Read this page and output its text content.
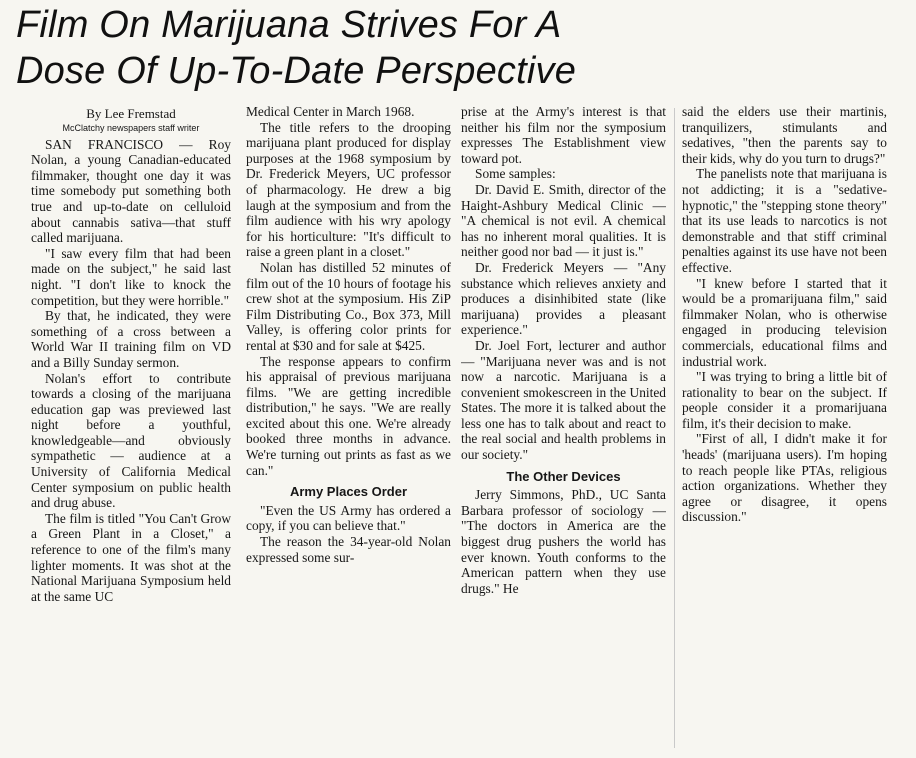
Film On Marijuana Strives For A
Dose Of Up-To-Date Perspective

By Lee Fremstad

McClatchy newspapers staff writer

SAN FRANCISCO — Roy Nolan, a young Canadian-educated filmmaker, thought one day it was time somebody put something both true and up-to-date on celluloid about cannabis sativa—that stuff called marijuana.

"I saw every film that had been made on the subject," he said last night. "I don't like to knock the competition, but they were horrible."

By that, he indicated, they were something of a cross between a World War II training film on VD and a Billy Sunday sermon.

Nolan's effort to contribute towards a closing of the marijuana education gap was previewed last night before a youthful, knowledgeable—and obviously sympathetic — audience at a University of California Medical Center symposium on public health and drug abuse.

The film is titled "You Can't Grow a Green Plant in a Closet," a reference to one of the film's many lighter moments. It was shot at the National Marijuana Symposium held at the same UC

Medical Center in March 1968.

The title refers to the drooping marijuana plant produced for display purposes at the 1968 symposium by Dr. Frederick Meyers, UC professor of pharmacology. He drew a big laugh at the symposium and from the film audience with his wry apology for his horticulture: "It's difficult to raise a green plant in a closet."

Nolan has distilled 52 minutes of film out of the 10 hours of footage his crew shot at the symposium. His ZiP Film Distributing Co., Box 373, Mill Valley, is offering color prints for rental at $30 and for sale at $425.

The response appears to confirm his appraisal of previous marijuana films. "We are getting incredible distribution," he says. "We are really excited about this one. We're already booked three months in advance. We're turning out prints as fast as we can."

Army Places Order

"Even the US Army has ordered a copy, if you can believe that."

The reason the 34-year-old Nolan expressed some sur-

prise at the Army's interest is that neither his film nor the symposium expresses The Establishment view toward pot.

Some samples:

Dr. David E. Smith, director of the Haight-Ashbury Medical Clinic — "A chemical is not evil. A chemical has no inherent moral qualities. It is neither good nor bad — it just is."

Dr. Frederick Meyers — "Any substance which relieves anxiety and produces a disinhibited state (like marijuana) provides a pleasant experience."

Dr. Joel Fort, lecturer and author — "Marijuana never was and is not now a narcotic. Marijuana is a convenient smokescreen in the United States. The more it is talked about the less one has to talk about and react to the real social and health problems in our society."

The Other Devices

Jerry Simmons, PhD., UC Santa Barbara professor of sociology — "The doctors in America are the biggest drug pushers the world has ever known. Youth conforms to the American pattern when they use drugs." He

said the elders use their martinis, tranquilizers, stimulants and sedatives, "then the parents say to their kids, why do you turn to drugs?"

The panelists note that marijuana is not addicting; it is a "sedative-hypnotic," the "stepping stone theory" that its use leads to narcotics is not demonstrable and that stiff criminal penalties against its use have not been effective.

"I knew before I started that it would be a promarijuana film," said filmmaker Nolan, who is otherwise engaged in producing television commercials, educational films and industrial work.

"I was trying to bring a little bit of rationality to bear on the subject. If people consider it a promarijuana film, it's their decision to make.

"First of all, I didn't make it for 'heads' (marijuana users). I'm hoping to reach people like PTAs, religious action organizations. Whether they agree or disagree, it opens discussion."
